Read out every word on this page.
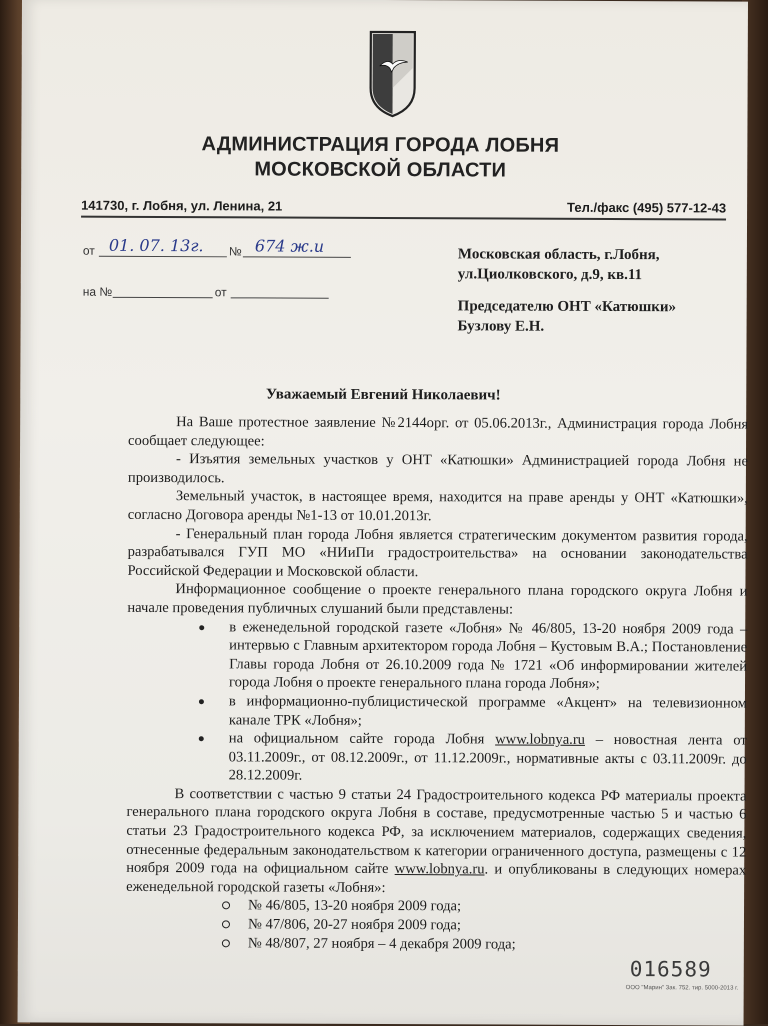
АДМИНИСТРАЦИЯ ГОРОДА ЛОБНЯ
МОСКОВСКОЙ ОБЛАСТИ
141730, г. Лобня, ул. Ленина, 21	Тел./факс (495) 577-12-43
от 01. 07. 13г. № 674 ж.и
на №	от
Московская область, г.Лобня,
ул.Циолковского, д.9, кв.11
Председателю ОНТ «Катюшки»
Бузлову Е.Н.
Уважаемый Евгений Николаевич!

На Ваше протестное заявление №2144орг. от 05.06.2013г., Администрация города Лобня сообщает следующее:

- Изъятия земельных участков у ОНТ «Катюшки» Администрацией города Лобня не производилось.

Земельный участок, в настоящее время, находится на праве аренды у ОНТ «Катюшки», согласно Договора аренды №1-13 от 10.01.2013г.

- Генеральный план города Лобня является стратегическим документом развития города, разрабатывался ГУП МО «НИиПи градостроительства» на основании законодательства Российской Федерации и Московской области.

Информационное сообщение о проекте генерального плана городского округа Лобня и начале проведения публичных слушаний были представлены:

в еженедельной городской газете «Лобня» № 46/805, 13-20 ноября 2009 года – интервью с Главным архитектором города Лобня – Кустовым В.А.; Постановление Главы города Лобня от 26.10.2009 года № 1721 «Об информировании жителей города Лобня о проекте генерального плана города Лобня»;
в информационно-публицистической программе «Акцент» на телевизионном канале ТРК «Лобня»;
на официальном сайте города Лобня www.lobnya.ru – новостная лента от 03.11.2009г., от 08.12.2009г., от 11.12.2009г., нормативные акты с 03.11.2009г. до 28.12.2009г.

В соответствии с частью 9 статьи 24 Градостроительного кодекса РФ материалы проекта генерального плана городского округа Лобня в составе, предусмотренные частью 5 и частью 6 статьи 23 Градостроительного кодекса РФ, за исключением материалов, содержащих сведения, отнесенные федеральным законодательством к категории ограниченного доступа, размещены с 12 ноября 2009 года на официальном сайте www.lobnya.ru. и опубликованы в следующих номерах еженедельной городской газеты «Лобня»:

№ 46/805, 13-20 ноября 2009 года;
№ 47/806, 20-27 ноября 2009 года;
№ 48/807, 27 ноября – 4 декабря 2009 года;
016589
ООО "Марин" Зак. 752. тир. 5000-2013 г.
